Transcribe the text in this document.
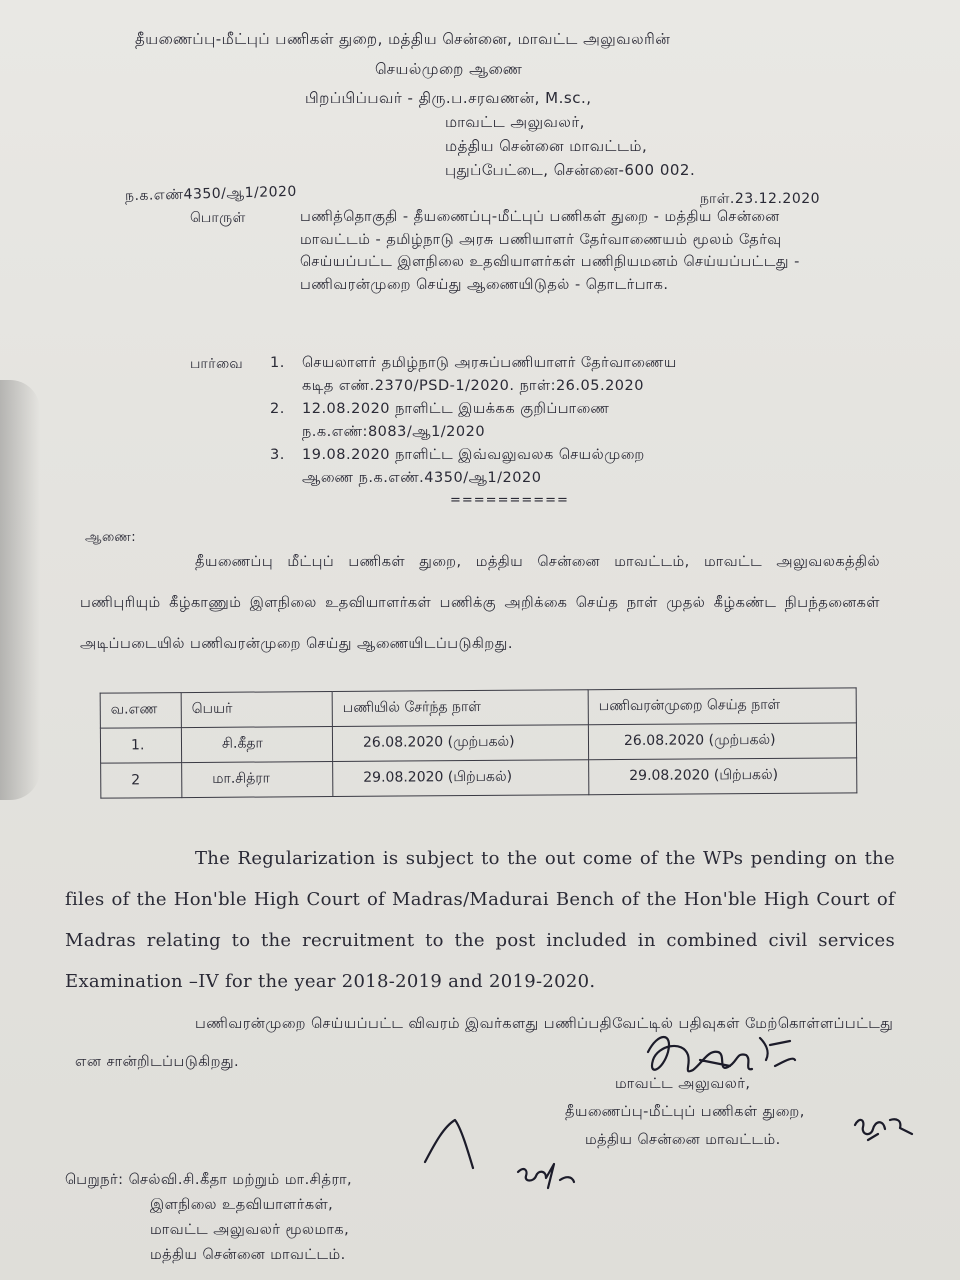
தீயணைப்பு-மீட்புப் பணிகள் துறை, மத்திய சென்னை, மாவட்ட அலுவலரின்
செயல்முறை ஆணை
பிறப்பிப்பவர் - திரு.ப.சரவணன், M.sc.,
மாவட்ட அலுவலர்,
மத்திய சென்னை மாவட்டம்,
புதுப்பேட்டை, சென்னை-600 002.
ந.க.எண்4350/ஆ1/2020	நாள்.23.12.2020
பொருள்	பணித்தொகுதி - தீயணைப்பு-மீட்புப் பணிகள் துறை - மத்திய சென்னை மாவட்டம் - தமிழ்நாடு அரசு பணியாளர் தேர்வாணையம் மூலம் தேர்வு செய்யப்பட்ட இளநிலை உதவியாளர்கள் பணிநியமனம் செய்யப்பட்டது - பணிவரன்முறை செய்து ஆணையிடுதல் - தொடர்பாக.
பார்வை 1. செயலாளர் தமிழ்நாடு அரசுப்பணியாளர் தேர்வாணைய
கடித எண்.2370/PSD-1/2020. நாள்:26.05.2020
2. 12.08.2020 நாளிட்ட இயக்கக குறிப்பாணை
ந.க.எண்:8083/ஆ1/2020
3. 19.08.2020 நாளிட்ட இவ்வலுவலக செயல்முறை
ஆணை ந.க.எண்.4350/ஆ1/2020
==========
ஆணை:
தீயணைப்பு மீட்புப் பணிகள் துறை, மத்திய சென்னை மாவட்டம், மாவட்ட அலுவலகத்தில் பணிபுரியும் கீழ்காணும் இளநிலை உதவியாளர்கள் பணிக்கு அறிக்கை செய்த நாள் முதல் கீழ்கண்ட நிபந்தனைகள் அடிப்படையில் பணிவரன்முறை செய்து ஆணையிடப்படுகிறது.
வ.எண	பெயர்	பணியில் சேர்ந்த நாள்	பணிவரன்முறை செய்த நாள்
1.	சி.கீதா	26.08.2020 (முற்பகல்)	26.08.2020 (முற்பகல்)
2	மா.சித்ரா	29.08.2020 (பிற்பகல்)	29.08.2020 (பிற்பகல்)
The Regularization is subject to the out come of the WPs pending on the files of the Hon'ble High Court of Madras/Madurai Bench of the Hon'ble High Court of Madras relating to the recruitment to the post included in combined civil services Examination –IV for the year 2018-2019 and 2019-2020.
பணிவரன்முறை செய்யப்பட்ட விவரம் இவர்களது பணிப்பதிவேட்டில் பதிவுகள் மேற்கொள்ளப்பட்டது என சான்றிடப்படுகிறது.
மாவட்ட அலுவலர்,
தீயணைப்பு-மீட்புப் பணிகள் துறை,
மத்திய சென்னை மாவட்டம்.
பெறுநர்: செல்வி.சி.கீதா மற்றும் மா.சித்ரா,
இளநிலை உதவியாளர்கள்,
மாவட்ட அலுவலர் மூலமாக,
மத்திய சென்னை மாவட்டம்.
